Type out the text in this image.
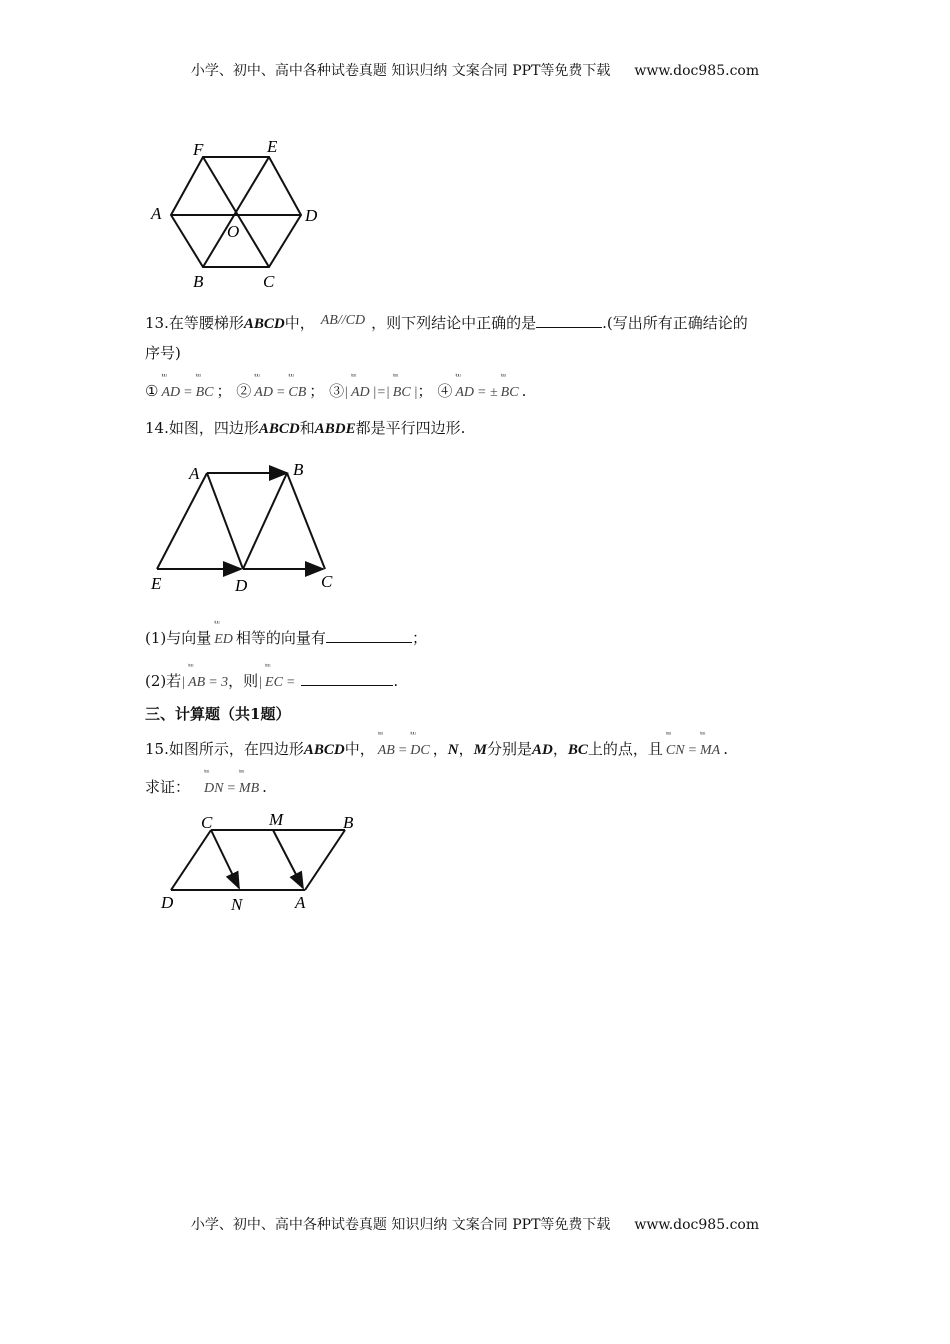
小学、初中、高中各种试卷真题 知识归纳 文案合同 PPT等免费下载 www.doc985.com
F	E
A	D
O
B	C
13.在等腰梯形ABCD中， AB//CD ，则下列结论中正确的是	.(写出所有正确结论的
序号)
① ᵗᵘᵘ AD = ᵗᵘᵘ BC ； ② ᵗᵘᵘ AD = ᵗᵘᵘ CB ； ③| ᵗᵘᵘ AD |=| ᵗᵘᵘ BC |； ④ ᵗᵘᵘ AD = ± ᵗᵘᵘ BC .
14.如图，四边形ABCD和ABDE都是平行四边形.
A	B
E	D	C
(1)与向量 ᵗᵘᵘ ED 相等的向量有	；
(2)若| ᵗᵘᵘ AB = 3，则| ᵗᵘᵘ EC =	.
三、计算题（共1题）
15.如图所示，在四边形ABCD中， ᵗᵘᵘ AB = ᵗᵘᵘ DC ，N，M分别是AD，BC上的点，且 ᵗᵘᵘ CN = ᵗᵘᵘ MA .
求证： ᵗᵘᵘ DN = ᵗᵘᵘ MB .
C	M	B
D	N	A
小学、初中、高中各种试卷真题 知识归纳 文案合同 PPT等免费下载 www.doc985.com
